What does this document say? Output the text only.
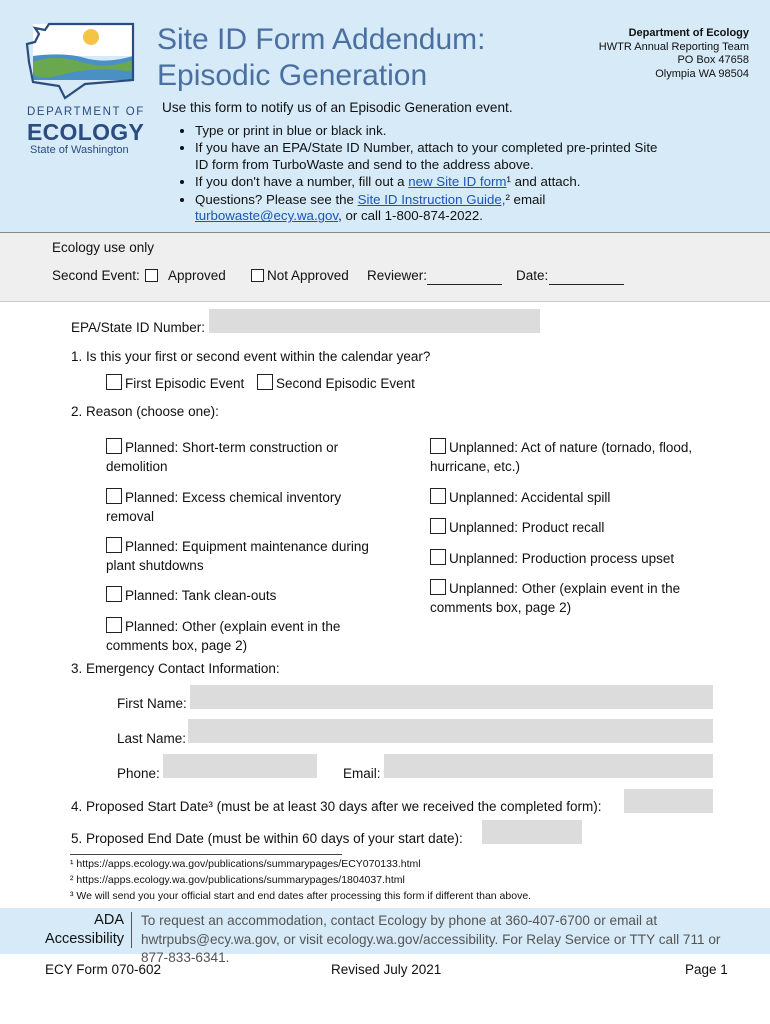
DEPARTMENT OF
ECOLOGY
State of Washington
Site ID Form Addendum:
Episodic Generation
Department of Ecology
HWTR Annual Reporting Team
PO Box 47658
Olympia WA 98504
Use this form to notify us of an Episodic Generation event.
• Type or print in blue or black ink.
• If you have an EPA/State ID Number, attach to your completed pre-printed Site ID form from TurboWaste and send to the address above.
• If you don't have a number, fill out a new Site ID form¹ and attach.
• Questions? Please see the Site ID Instruction Guide,² email turbowaste@ecy.wa.gov, or call 1-800-874-2022.
Ecology use only
Second Event: Approved	Not Approved Reviewer:	Date:
EPA/State ID Number:
1. Is this your first or second event within the calendar year?
First Episodic Event	Second Episodic Event
2. Reason (choose one):
Planned: Short-term construction or demolition
Planned: Excess chemical inventory removal
Planned: Equipment maintenance during plant shutdowns
Planned: Tank clean-outs
Planned: Other (explain event in the comments box, page 2)
Unplanned: Act of nature (tornado, flood, hurricane, etc.)
Unplanned: Accidental spill
Unplanned: Product recall
Unplanned: Production process upset
Unplanned: Other (explain event in the comments box, page 2)
3. Emergency Contact Information:
First Name:
Last Name:
Phone:	Email:
4. Proposed Start Date³ (must be at least 30 days after we received the completed form):
5. Proposed End Date (must be within 60 days of your start date):
¹ https://apps.ecology.wa.gov/publications/summarypages/ECY070133.html
² https://apps.ecology.wa.gov/publications/summarypages/1804037.html
³ We will send you your official start and end dates after processing this form if different than above.
ADA
Accessibility
To request an accommodation, contact Ecology by phone at 360-407-6700 or email at hwtrpubs@ecy.wa.gov, or visit ecology.wa.gov/accessibility. For Relay Service or TTY call 711 or 877-833-6341.
ECY Form 070-602	Revised July 2021	Page 1
